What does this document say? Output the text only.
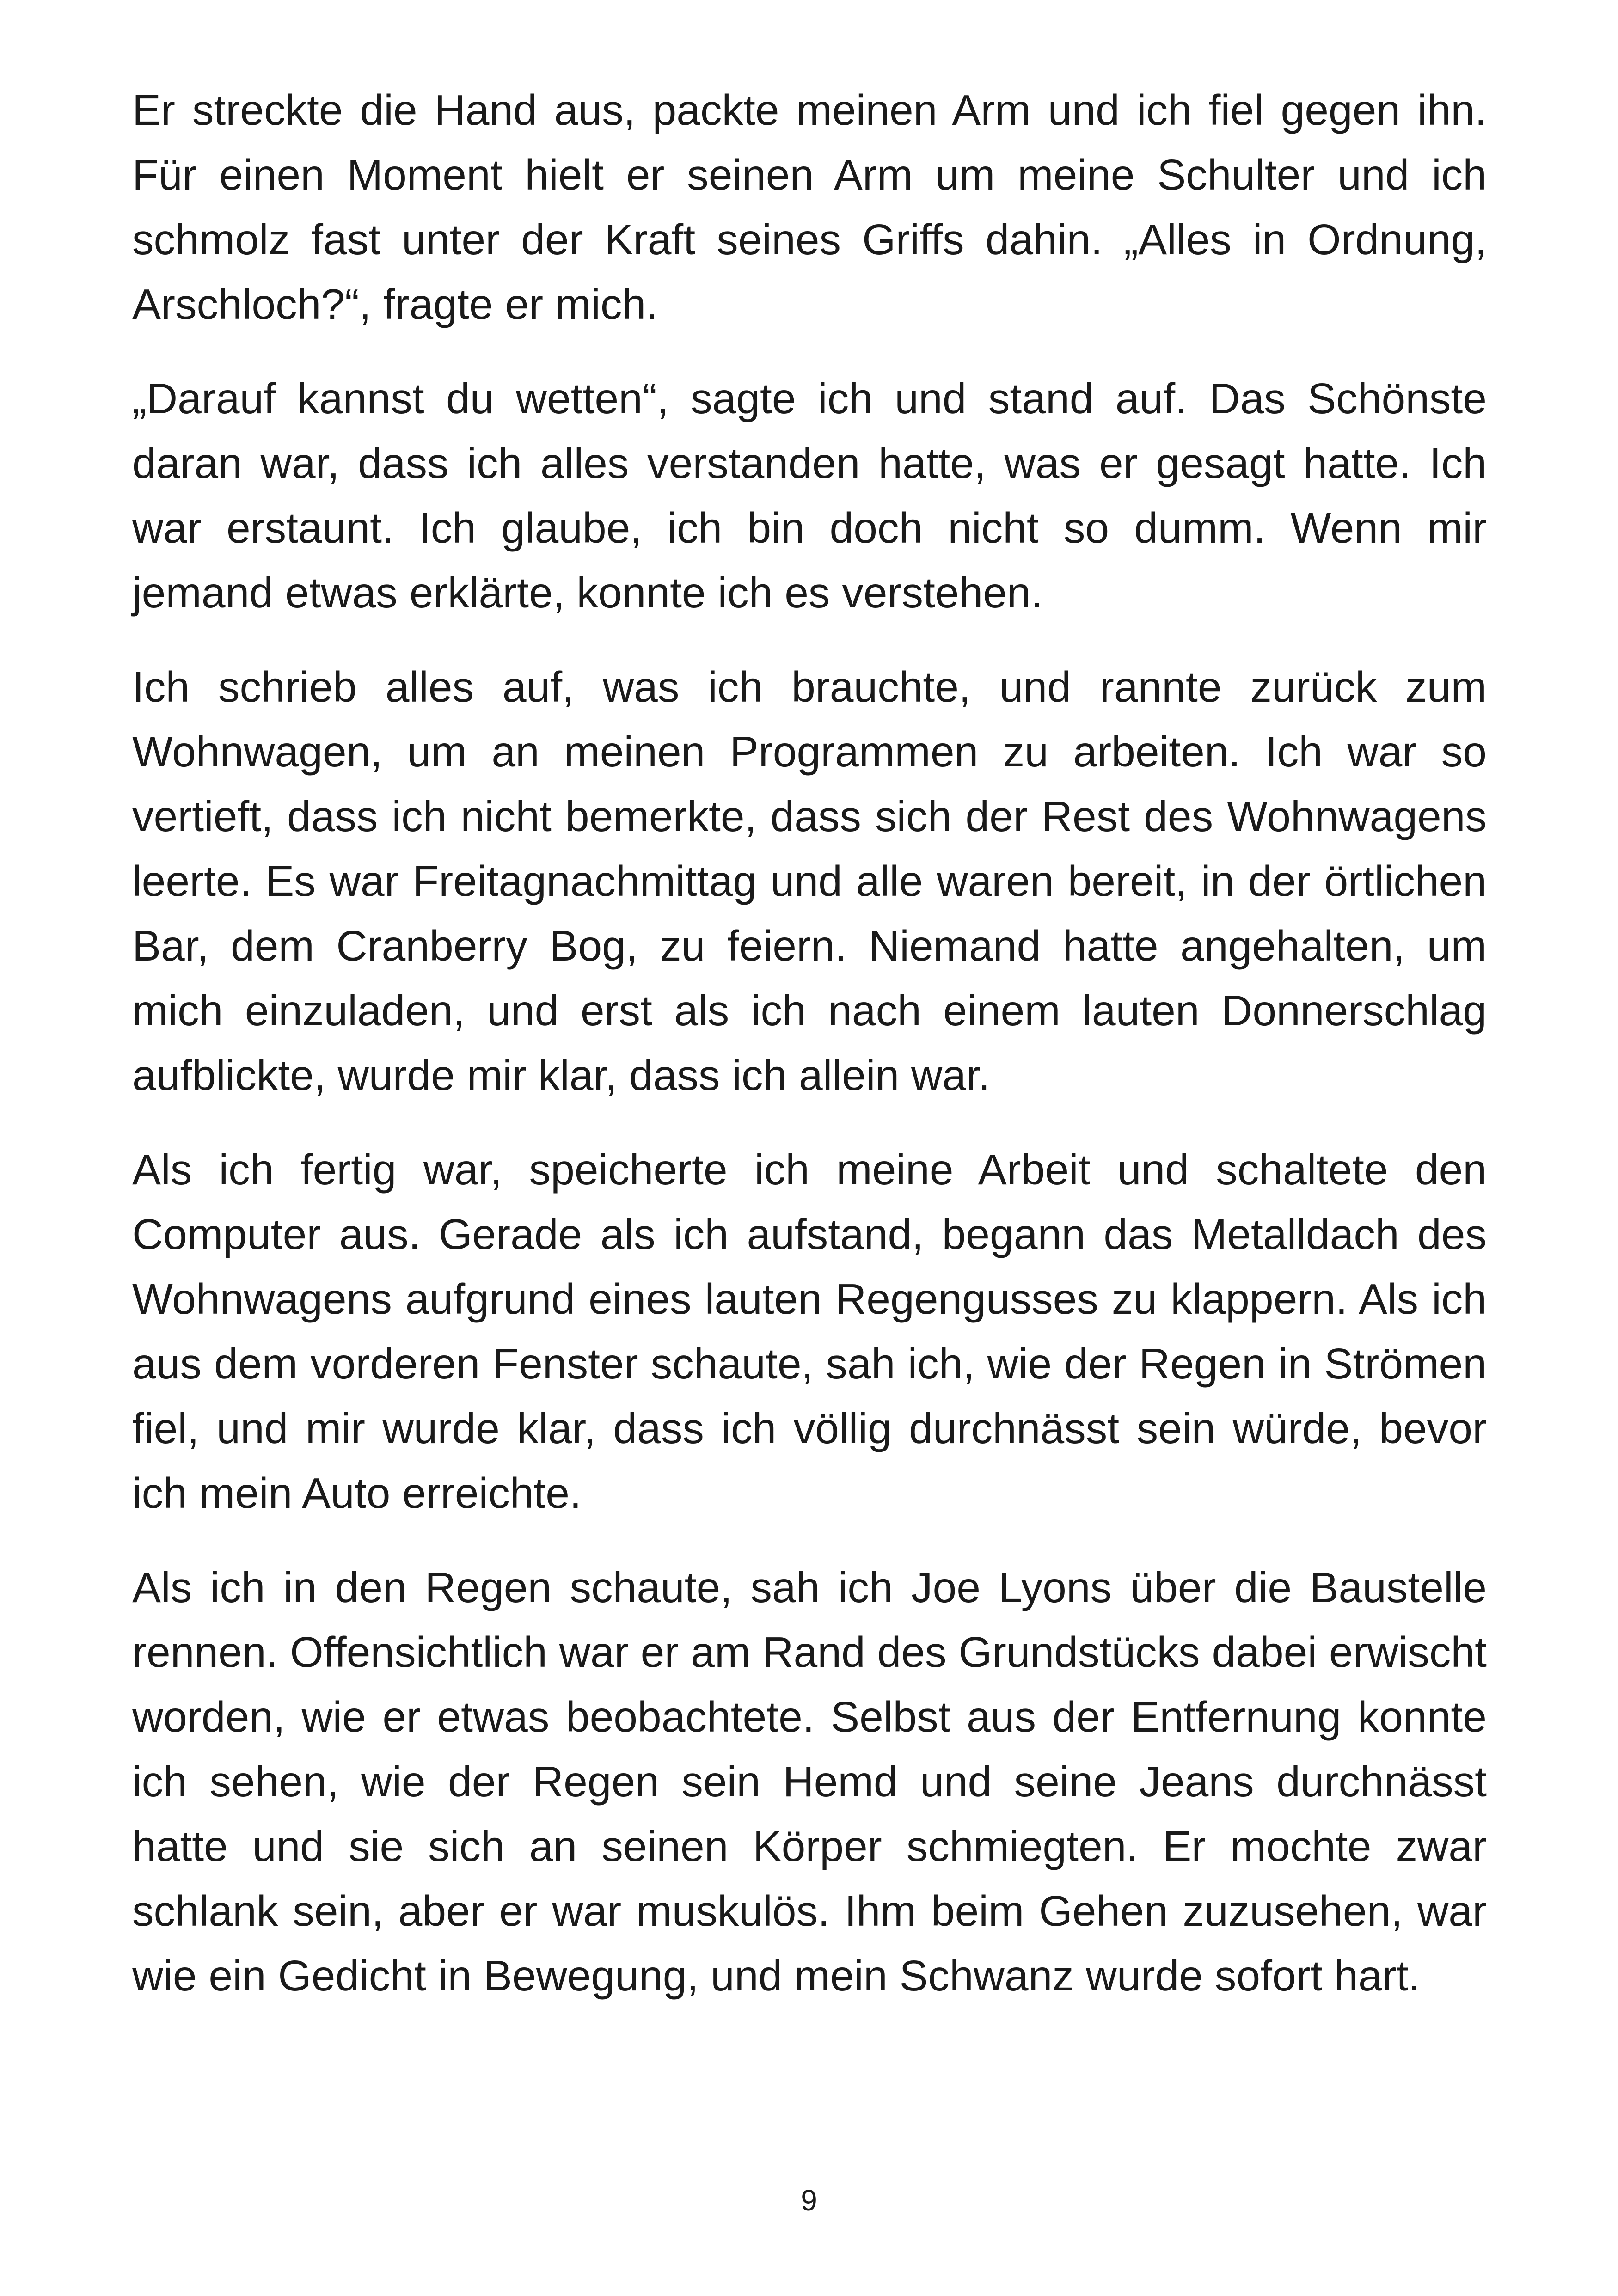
Er streckte die Hand aus, packte meinen Arm und ich fiel gegen ihn. Für einen Moment hielt er seinen Arm um meine Schulter und ich schmolz fast unter der Kraft seines Griffs dahin. „Alles in Ordnung, Arschloch?“, fragte er mich.

„Darauf kannst du wetten“, sagte ich und stand auf. Das Schönste daran war, dass ich alles verstanden hatte, was er gesagt hatte. Ich war erstaunt. Ich glaube, ich bin doch nicht so dumm. Wenn mir jemand etwas erklärte, konnte ich es verstehen.

Ich schrieb alles auf, was ich brauchte, und rannte zurück zum Wohnwagen, um an meinen Programmen zu arbeiten. Ich war so vertieft, dass ich nicht bemerkte, dass sich der Rest des Wohnwagens leerte. Es war Freitagnachmittag und alle waren bereit, in der örtlichen Bar, dem Cranberry Bog, zu feiern. Niemand hatte angehalten, um mich einzuladen, und erst als ich nach einem lauten Donnerschlag aufblickte, wurde mir klar, dass ich allein war.

Als ich fertig war, speicherte ich meine Arbeit und schaltete den Computer aus. Gerade als ich aufstand, begann das Metalldach des Wohnwagens aufgrund eines lauten Regengusses zu klappern. Als ich aus dem vorderen Fenster schaute, sah ich, wie der Regen in Strömen fiel, und mir wurde klar, dass ich völlig durchnässt sein würde, bevor ich mein Auto erreichte.

Als ich in den Regen schaute, sah ich Joe Lyons über die Baustelle rennen. Offensichtlich war er am Rand des Grundstücks dabei erwischt worden, wie er etwas beobachtete. Selbst aus der Entfernung konnte ich sehen, wie der Regen sein Hemd und seine Jeans durchnässt hatte und sie sich an seinen Körper schmiegten. Er mochte zwar schlank sein, aber er war muskulös. Ihm beim Gehen zuzusehen, war wie ein Gedicht in Bewegung, und mein Schwanz wurde sofort hart.

9
